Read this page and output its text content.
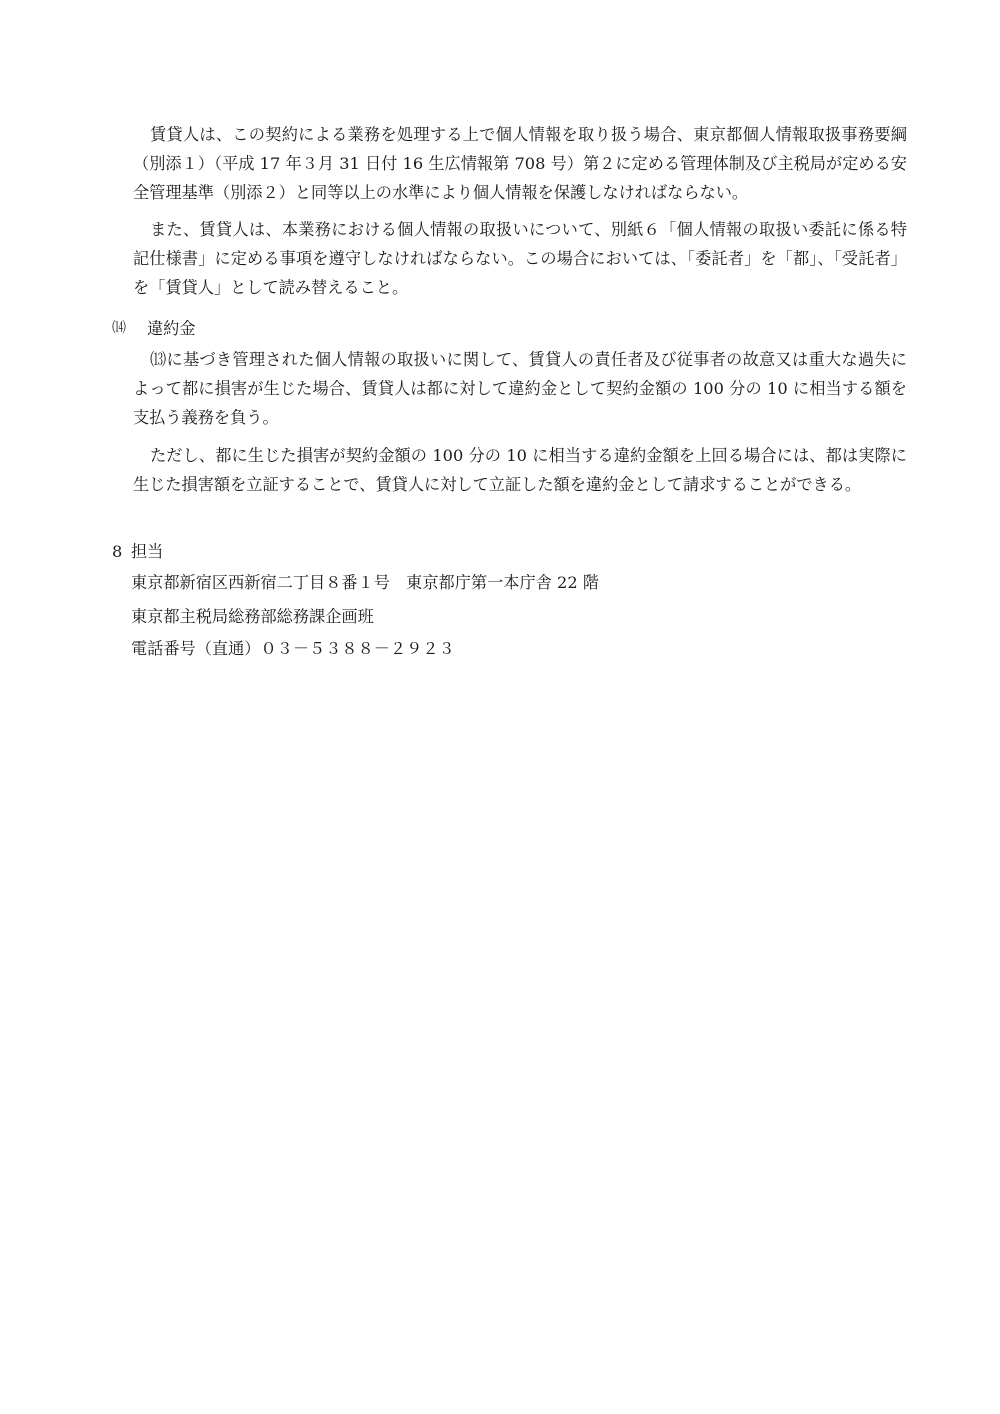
賃貸人は、この契約による業務を処理する上で個人情報を取り扱う場合、東京都個人情報取扱事務要綱（別添１）（平成 17 年３月 31 日付 16 生広情報第 708 号）第２に定める管理体制及び主税局が定める安全管理基準（別添２）と同等以上の水準により個人情報を保護しなければならない。

また、賃貸人は、本業務における個人情報の取扱いについて、別紙６「個人情報の取扱い委託に係る特記仕様書」に定める事項を遵守しなければならない。この場合においては、「委託者」を「都」、「受託者」を「賃貸人」として読み替えること。

⒁ 違約金

⒀に基づき管理された個人情報の取扱いに関して、賃貸人の責任者及び従事者の故意又は重大な過失によって都に損害が生じた場合、賃貸人は都に対して違約金として契約金額の 100 分の 10 に相当する額を支払う義務を負う。

ただし、都に生じた損害が契約金額の 100 分の 10 に相当する違約金額を上回る場合には、都は実際に生じた損害額を立証することで、賃貸人に対して立証した額を違約金として請求することができる。

8 担当

東京都新宿区西新宿二丁目８番１号　東京都庁第一本庁舎 22 階

東京都主税局総務部総務課企画班

電話番号（直通）０３－５３８８－２９２３
